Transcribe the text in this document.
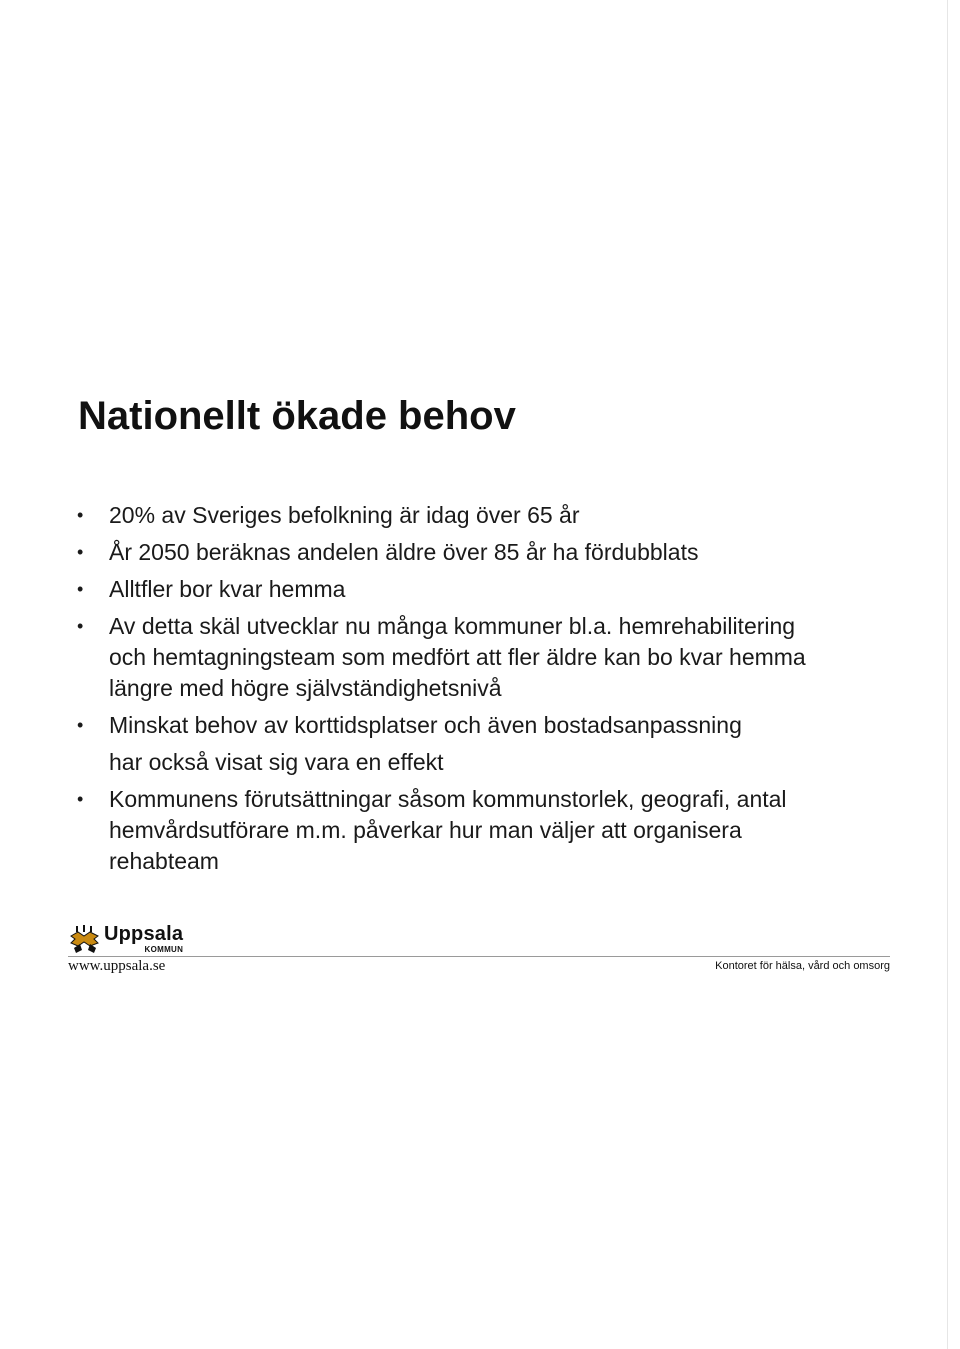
Nationellt ökade behov
• 20% av Sveriges befolkning är idag över 65 år
• År 2050 beräknas andelen äldre över 85 år ha fördubblats
• Alltfler bor kvar hemma
• Av detta skäl utvecklar nu många kommuner bl.a. hemrehabilitering
och hemtagningsteam som medfört att fler äldre kan bo kvar hemma
längre med högre självständighetsnivå
• Minskat behov av korttidsplatser och även bostadsanpassning
har också visat sig vara en effekt
• Kommunens förutsättningar såsom kommunstorlek, geografi, antal
hemvårdsutförare m.m. påverkar hur man väljer att organisera
rehabteam
Uppsala
KOMMUN
www.uppsala.se	Kontoret för hälsa, vård och omsorg
